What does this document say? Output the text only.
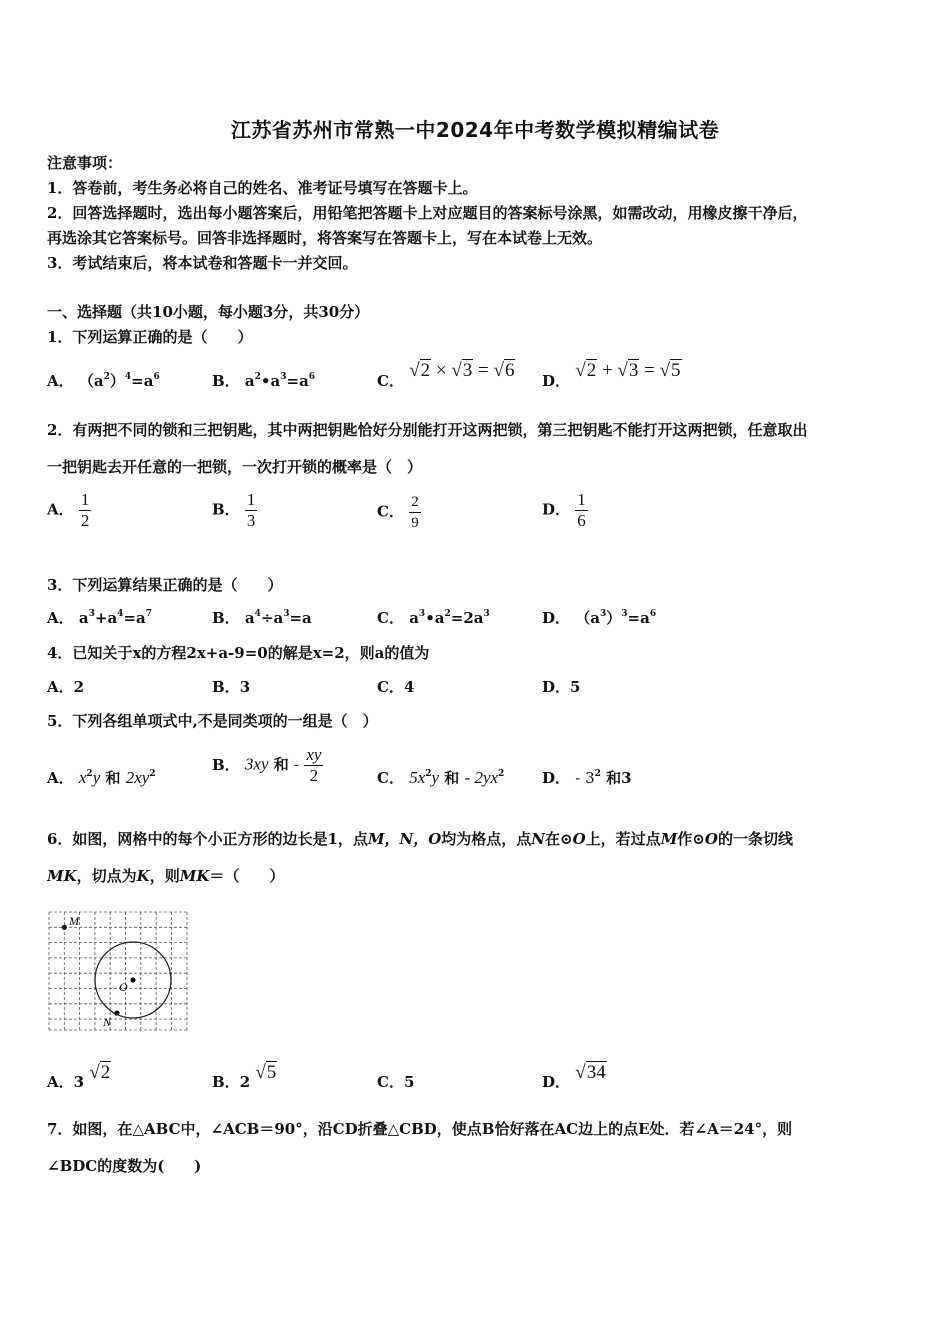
江苏省苏州市常熟一中2024年中考数学模拟精编试卷
注意事项：
1．答卷前，考生务必将自己的姓名、准考证号填写在答题卡上。
2．回答选择题时，选出每小题答案后，用铅笔把答题卡上对应题目的答案标号涂黑，如需改动，用橡皮擦干净后，
再选涂其它答案标号。回答非选择题时，将答案写在答题卡上，写在本试卷上无效。
3．考试结束后，将本试卷和答题卡一并交回。
一、选择题（共10小题，每小题3分，共30分）
1．下列运算正确的是（　　）
A． $(a^2)^4=a^6$	B． $a^2•a^3=a^6$	C． √2 × √3 = √6 D． √2 + √3 = √5
2．有两把不同的锁和三把钥匙，其中两把钥匙恰好分别能打开这两把锁，第三把钥匙不能打开这两把锁，任意取出
一把钥匙去开任意的一把锁，一次打开锁的概率是（　）
A． $\frac{1}{2}$	B． $\frac{1}{3}$	C． $\frac{2}{9}$	D． $\frac{1}{6}$
3．下列运算结果正确的是（　　）
A． $a^3+a^4=a^7$	B． $a^4\div a^3=a$	C． $a^3•a^2=2a^3$	D． $(a^3)^3=a^6$
4．已知关于x的方程2x+a-9=0的解是x=2，则a的值为
A．2	B．3	C．4	D．5
5．下列各组单项式中,不是同类项的一组是（　）
A． $x^2y$ 和 $2xy^2$
B． 3xy 和 - $\frac{xy}{2}$	C． $5x^2y$ 和 - $2yx^2$	D． - $3^2$ 和3
6．如图，网格中的每个小正方形的边长是1，点M，N，O均为格点，点N在⊙O上，若过点M作⊙O的一条切线
MK，切点为K，则MK＝（　　）
M
O
N
A．3 √2	B．2 √5	C．5	D． √34
7．如图，在△ABC中，∠ACB＝90°，沿CD折叠△CBD，使点B恰好落在AC边上的点E处．若∠A＝24°，则
∠BDC的度数为(　　)
